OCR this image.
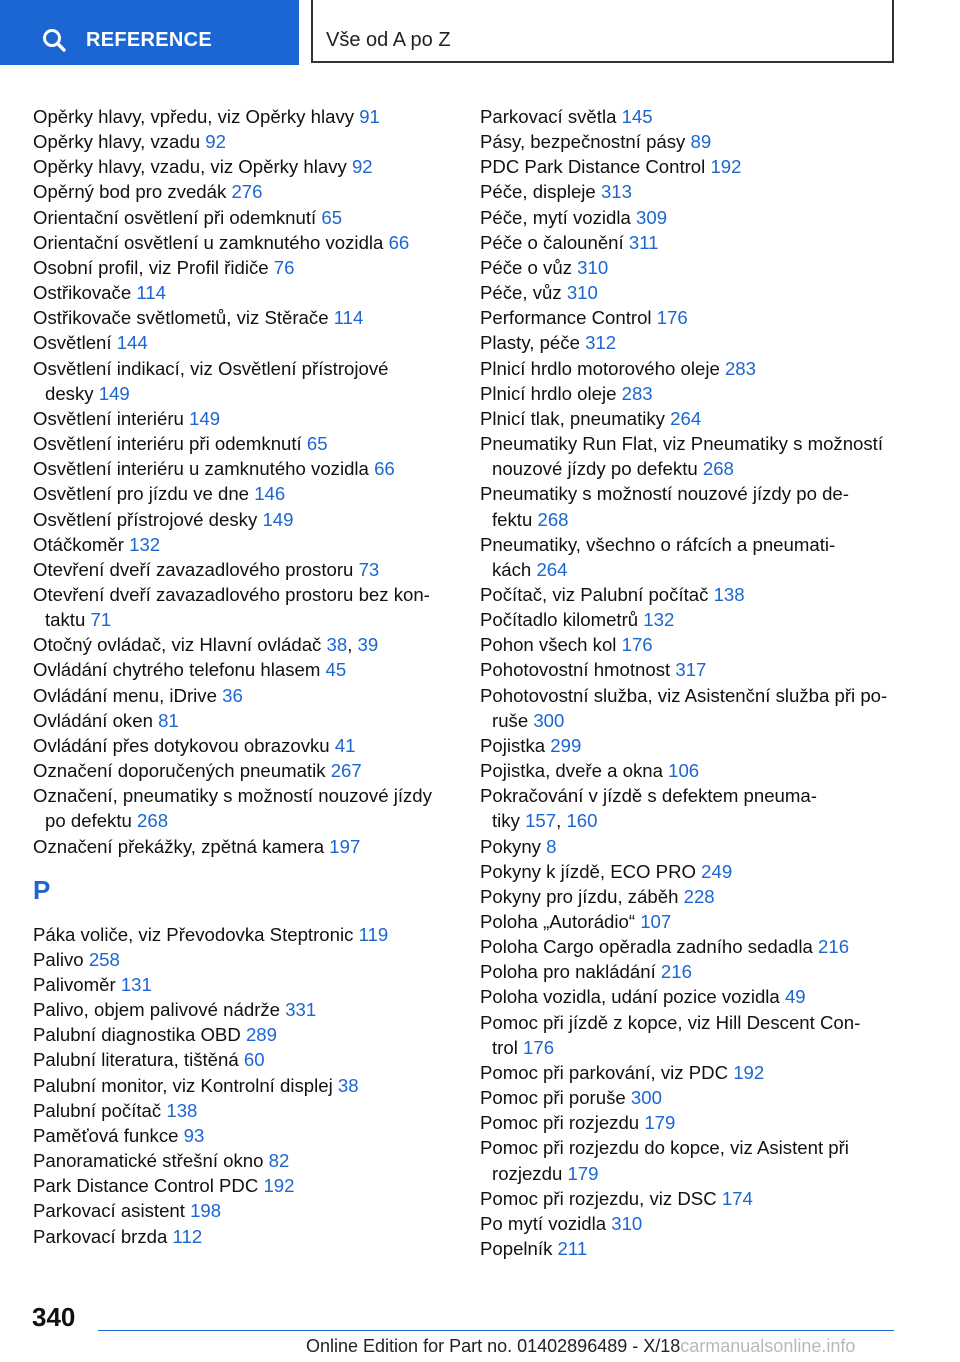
REFERENCE	Vše od A po Z
Opěrky hlavy, vpředu, viz Opěrky hlavy 91
Opěrky hlavy, vzadu 92
Opěrky hlavy, vzadu, viz Opěrky hlavy 92
Opěrný bod pro zvedák 276
Orientační osvětlení při odemknutí 65
Orientační osvětlení u zamknutého vozidla 66
Osobní profil, viz Profil řidiče 76
Ostřikovače 114
Ostřikovače světlometů, viz Stěrače 114
Osvětlení 144
Osvětlení indikací, viz Osvětlení přístrojové
desky 149
Osvětlení interiéru 149
Osvětlení interiéru při odemknutí 65
Osvětlení interiéru u zamknutého vozidla 66
Osvětlení pro jízdu ve dne 146
Osvětlení přístrojové desky 149
Otáčkoměr 132
Otevření dveří zavazadlového prostoru 73
Otevření dveří zavazadlového prostoru bez kon-
taktu 71
Otočný ovládač, viz Hlavní ovládač 38, 39
Ovládání chytrého telefonu hlasem 45
Ovládání menu, iDrive 36
Ovládání oken 81
Ovládání přes dotykovou obrazovku 41
Označení doporučených pneumatik 267
Označení, pneumatiky s možností nouzové jízdy
po defektu 268
Označení překážky, zpětná kamera 197
P
Páka voliče, viz Převodovka Steptronic 119
Palivo 258
Palivoměr 131
Palivo, objem palivové nádrže 331
Palubní diagnostika OBD 289
Palubní literatura, tištěná 60
Palubní monitor, viz Kontrolní displej 38
Palubní počítač 138
Paměťová funkce 93
Panoramatické střešní okno 82
Park Distance Control PDC 192
Parkovací asistent 198
Parkovací brzda 112
Parkovací světla 145
Pásy, bezpečnostní pásy 89
PDC Park Distance Control 192
Péče, displeje 313
Péče, mytí vozidla 309
Péče o čalounění 311
Péče o vůz 310
Péče, vůz 310
Performance Control 176
Plasty, péče 312
Plnicí hrdlo motorového oleje 283
Plnicí hrdlo oleje 283
Plnicí tlak, pneumatiky 264
Pneumatiky Run Flat, viz Pneumatiky s možností
nouzové jízdy po defektu 268
Pneumatiky s možností nouzové jízdy po de-
fektu 268
Pneumatiky, všechno o ráfcích a pneumati-
kách 264
Počítač, viz Palubní počítač 138
Počítadlo kilometrů 132
Pohon všech kol 176
Pohotovostní hmotnost 317
Pohotovostní služba, viz Asistenční služba při po-
ruše 300
Pojistka 299
Pojistka, dveře a okna 106
Pokračování v jízdě s defektem pneuma-
tiky 157, 160
Pokyny 8
Pokyny k jízdě, ECO PRO 249
Pokyny pro jízdu, záběh 228
Poloha „Autorádio“ 107
Poloha Cargo opěradla zadního sedadla 216
Poloha pro nakládání 216
Poloha vozidla, udání pozice vozidla 49
Pomoc při jízdě z kopce, viz Hill Descent Con-
trol 176
Pomoc při parkování, viz PDC 192
Pomoc při poruše 300
Pomoc při rozjezdu 179
Pomoc při rozjezdu do kopce, viz Asistent při
rozjezdu 179
Pomoc při rozjezdu, viz DSC 174
Po mytí vozidla 310
Popelník 211
340
Online Edition for Part no. 01402896489 - X/18carmanualsonline.info
